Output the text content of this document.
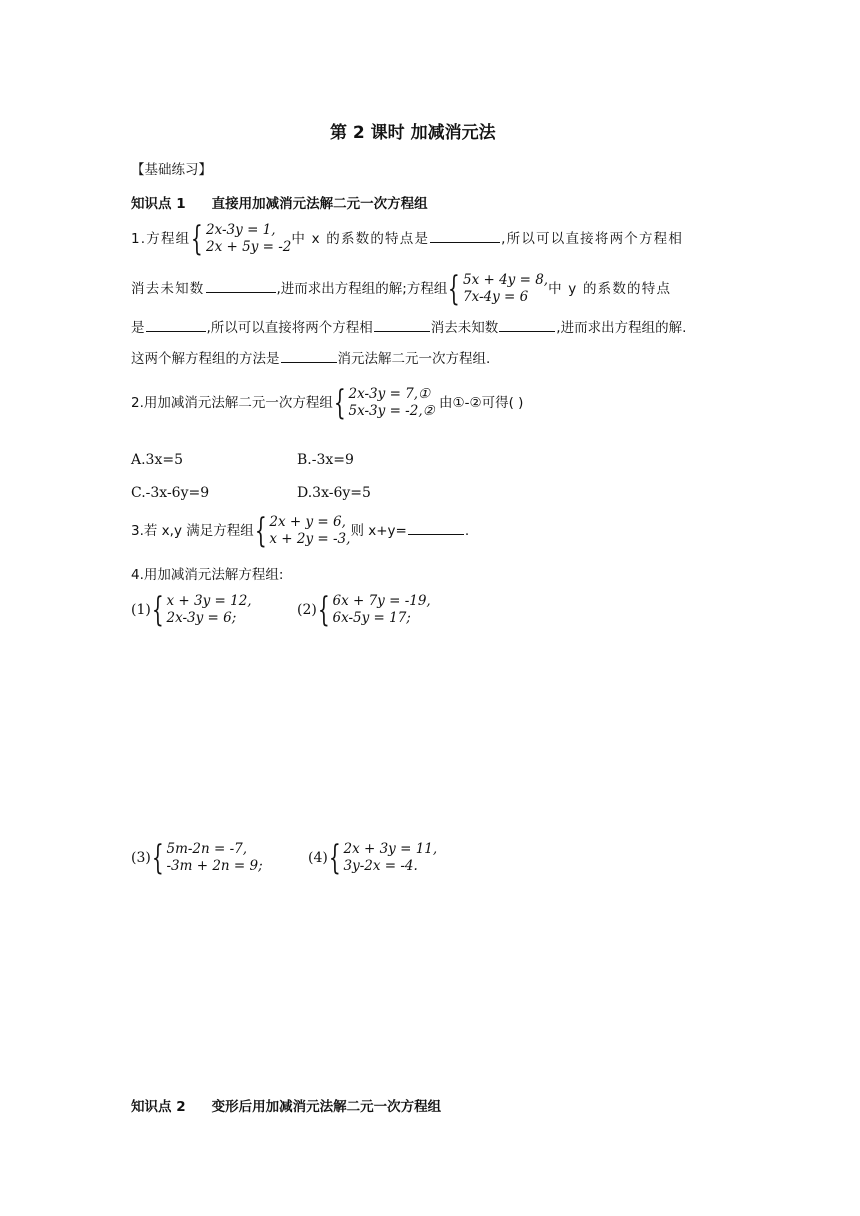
第 2 课时 加减消元法
【基础练习】
知识点 1 直接用加减消元法解二元一次方程组
1.方程组 { 2x-3y = 1,
2x + 5y = -2 中 x 的系数的特点是	,所以可以直接将两个方程相
消去未知数	,进而求出方程组的解;方程组 { 5x + 4y = 8,
7x-4y = 6	中 y 的系数的特点
是	,所以可以直接将两个方程相	消去未知数	,进而求出方程组的解.
这两个解方程组的方法是	消元法解二元一次方程组.
2.用加减消元法解二元一次方程组 { 2x-3y = 7,①
5x-3y = -2,② 由①-②可得( )
A.3x=5	B.-3x=9
C.-3x-6y=9	D.3x-6y=5
3.若 x,y 满足方程组 { 2x + y = 6,
x + 2y = -3, 则 x+y=	.
4.用加减消元法解方程组:
(1) { x + 3y = 12,
2x-3y = 6;	(2) { 6x + 7y = -19,
6x-5y = 17;
(3) { 5m-2n = -7,
-3m + 2n = 9;	(4) { 2x + 3y = 11,
3y-2x = -4.
知识点 2 变形后用加减消元法解二元一次方程组
